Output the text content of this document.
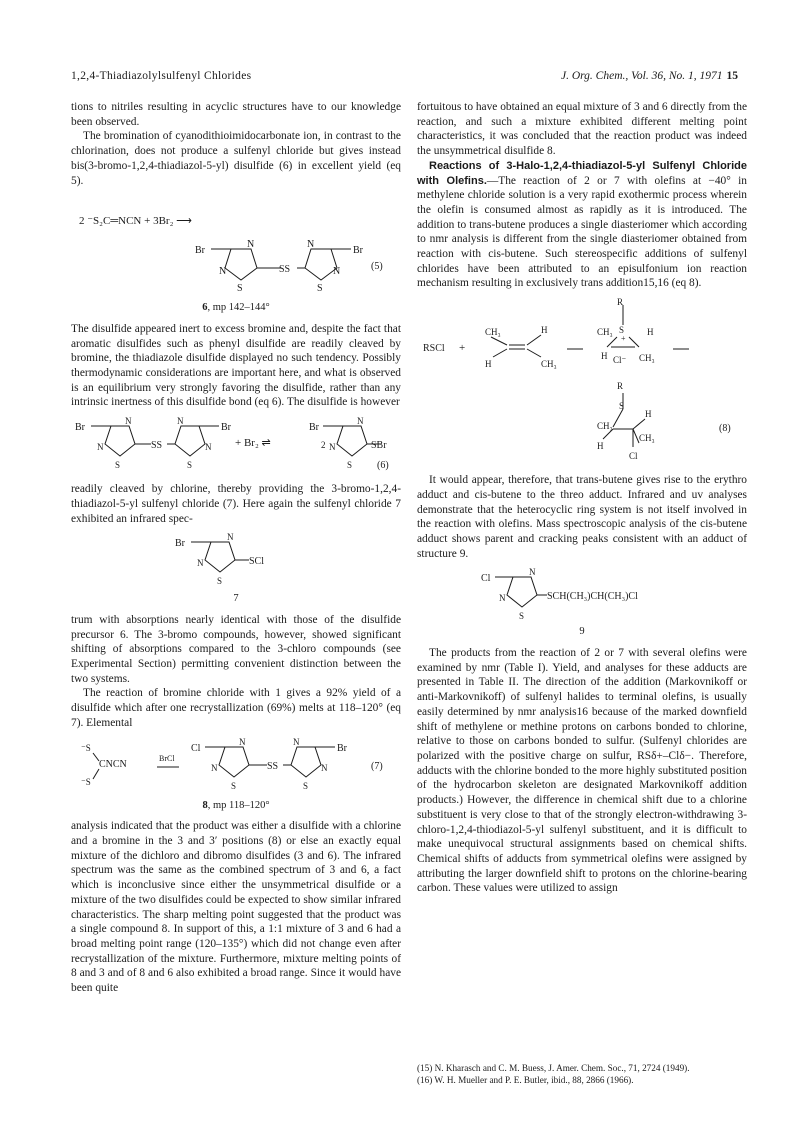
1,2,4-Thiadiazolylsulfenyl Chlorides	J. Org. Chem., Vol. 36, No. 1, 1971 15

tions to nitriles resulting in acyclic structures have to our knowledge been observed.

The bromination of cyanodithioimidocarbonate ion, in contrast to the chlorination, does not produce a sulfenyl chloride but gives instead bis(3-bromo-1,2,4-thiadiazol-5-yl) disulfide (6) in excellent yield (eq 5).

2 ⁻S₂C═NCN + 3Br₂ ⟶
Br
N
N
S
SS
N
N
S
Br
(5)
6, mp 142–144°

The disulfide appeared inert to excess bromine and, despite the fact that aromatic disulfides such as phenyl disulfide are readily cleaved by bromine, the thiadiazole disulfide displayed no such tendency. Possibly thermodynamic considerations are important here, and what is observed is an equilibrium very strongly favoring the disulfide, rather than any intrinsic inertness of this disulfide bond (eq 6). The disulfide is however

Br
N
N
S
SS
N
N
S
Br
+ Br₂ ⇌
Br
2
N
N
S
SBr
(6)

readily cleaved by chlorine, thereby providing the 3-bromo-1,2,4-thiadiazol-5-yl sulfenyl chloride (7). Here again the sulfenyl chloride 7 exhibited an infrared spec-

Br
N
N
S
SCl
7

trum with absorptions nearly identical with those of the disulfide precursor 6. The 3-bromo compounds, however, showed significant shifting of absorptions compared to the 3-chloro compounds (see Experimental Section) permitting convenient distinction between the two systems.

The reaction of bromine chloride with 1 gives a 92% yield of a disulfide which after one recrystallization (69%) melts at 118–120° (eq 7). Elemental

⁻S
CNCN
⁻S
BrCl
Cl
N
N
S
SS
N
N
S
Br
(7)
8, mp 118–120°

analysis indicated that the product was either a disulfide with a chlorine and a bromine in the 3 and 3′ positions (8) or else an exactly equal mixture of the dichloro and dibromo disulfides (3 and 6). The infrared spectrum was the same as the combined spectrum of 3 and 6, a fact which is inconclusive since either the unsymmetrical disulfide or a mixture of the two disulfides could be expected to show similar infrared characteristics. The sharp melting point suggested that the product was a single compound 8. In support of this, a 1:1 mixture of 3 and 6 had a broad melting point range (120–135°) which did not change even after recrystallization of the mixture. Furthermore, mixture melting points of 8 and 3 and of 8 and 6 also exhibited a broad range. Since it would have been quite

fortuitous to have obtained an equal mixture of 3 and 6 directly from the reaction, and such a mixture exhibited different melting point characteristics, it was concluded that the reaction product was indeed the unsymmetrical disulfide 8.

Reactions of 3-Halo-1,2,4-thiadiazol-5-yl Sulfenyl Chloride with Olefins.—The reaction of 2 or 7 with olefins at −40° in methylene chloride solution is a very rapid exothermic process wherein the olefin is consumed almost as rapidly as it is introduced. The addition to trans-butene produces a single diasteriomer which according to nmr analysis is different from the single diasteriomer obtained from reaction with cis-butene. Such stereospecific additions of sulfenyl chlorides have been attributed to an episulfonium ion reaction mechanism resulting in exclusively trans addition15,16 (eq 8).

RSCl +
CH₃	H
H	CH₃
R
S
+
CH₃	H
H Cl⁻ CH₃
R
S
CH₃
H
H
CH₃
Cl
(8)

It would appear, therefore, that trans-butene gives rise to the erythro adduct and cis-butene to the threo adduct. Infrared and uv analyses demonstrate that the heterocyclic ring system is not itself involved in the reaction with olefins. Mass spectroscopic analysis of the cis-butene adduct shows parent and cracking peaks consistent with an adduct of structure 9.

Cl
N
N
S
SCH(CH₃)CH(CH₃)Cl
9

The products from the reaction of 2 or 7 with several olefins were examined by nmr (Table I). Yield, and analyses for these adducts are presented in Table II. The direction of the addition (Markovnikoff or anti-Markovnikoff) of sulfenyl halides to terminal olefins, is usually easily determined by nmr analysis16 because of the marked downfield shift of methylene or methine protons on carbons bonded to chlorine, relative to those on carbons bonded to sulfur. (Sulfenyl chlorides are polarized with the positive charge on sulfur, RSδ+–Clδ−. Therefore, adducts with the chlorine bonded to the more highly substituted position of the hydrocarbon skeleton are designated Markovnikoff addition products.) However, the difference in chemical shift due to a chlorine substituent is very close to that of the strongly electron-withdrawing 3-chloro-1,2,4-thiodiazol-5-yl sulfenyl substituent, and it is difficult to make unequivocal structural assignments based on chemical shifts. Chemical shifts of adducts from symmetrical olefins were assigned by attributing the larger downfield shift to protons on the chlorine-bearing carbon. These values were utilized to assign

(15) N. Kharasch and C. M. Buess, J. Amer. Chem. Soc., 71, 2724 (1949).

(16) W. H. Mueller and P. E. Butler, ibid., 88, 2866 (1966).
